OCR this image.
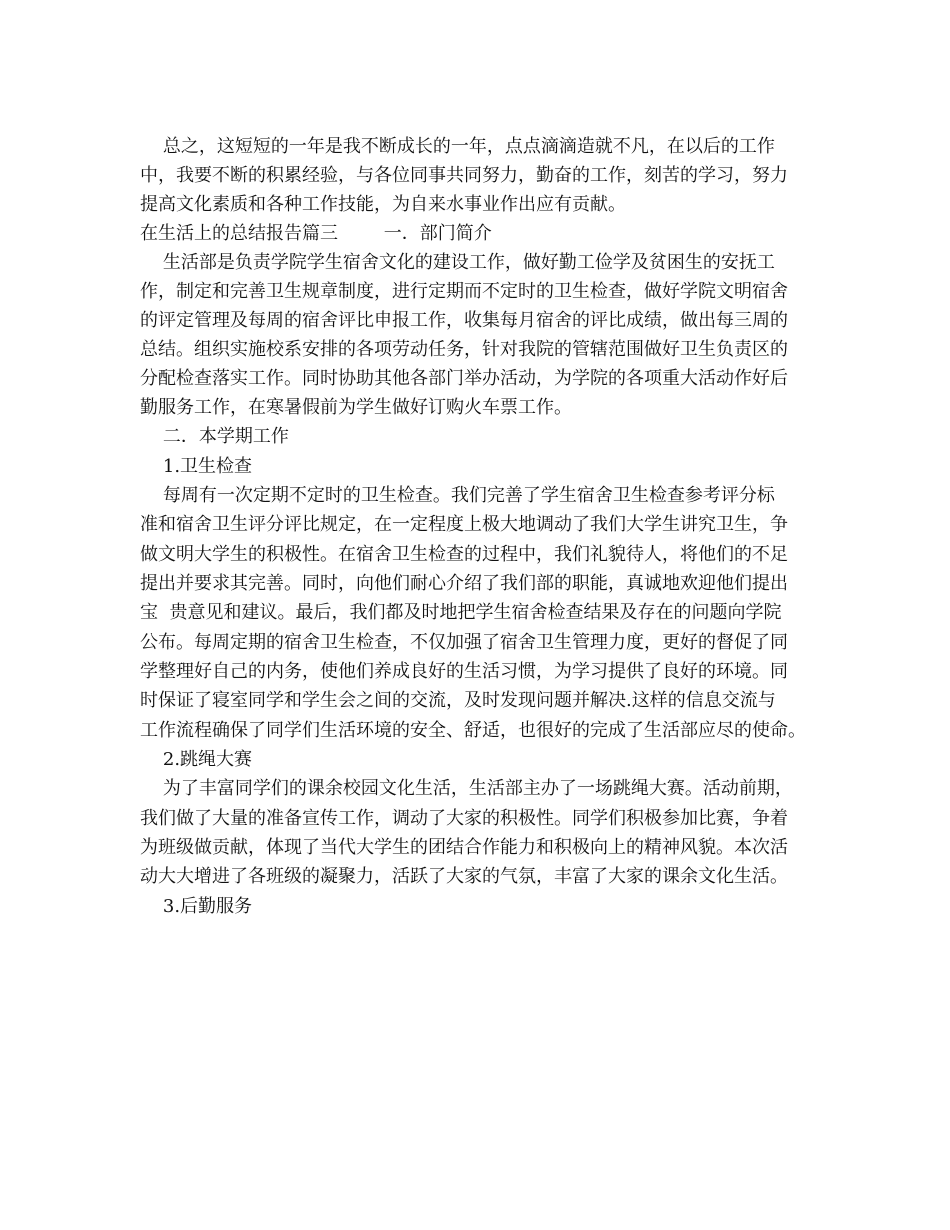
总之，这短短的一年是我不断成长的一年，点点滴滴造就不凡，在以后的工作
中，我要不断的积累经验，与各位同事共同努力，勤奋的工作，刻苦的学习，努力
提高文化素质和各种工作技能，为自来水事业作出应有贡献。
在生活上的总结报告篇三        一．部门简介
生活部是负责学院学生宿舍文化的建设工作，做好勤工俭学及贫困生的安抚工
作，制定和完善卫生规章制度，进行定期而不定时的卫生检查，做好学院文明宿舍
的评定管理及每周的宿舍评比申报工作，收集每月宿舍的评比成绩，做出每三周的
总结。组织实施校系安排的各项劳动任务，针对我院的管辖范围做好卫生负责区的
分配检查落实工作。同时协助其他各部门举办活动，为学院的各项重大活动作好后
勤服务工作，在寒暑假前为学生做好订购火车票工作。
二．本学期工作
1.卫生检查
每周有一次定期不定时的卫生检查。我们完善了学生宿舍卫生检查参考评分标
准和宿舍卫生评分评比规定，在一定程度上极大地调动了我们大学生讲究卫生，争
做文明大学生的积极性。在宿舍卫生检查的过程中，我们礼貌待人，将他们的不足
提出并要求其完善。同时，向他们耐心介绍了我们部的职能，真诚地欢迎他们提出
宝  贵意见和建议。最后，我们都及时地把学生宿舍检查结果及存在的问题向学院
公布。每周定期的宿舍卫生检查，不仅加强了宿舍卫生管理力度，更好的督促了同
学整理好自己的内务，使他们养成良好的生活习惯，为学习提供了良好的环境。同
时保证了寝室同学和学生会之间的交流，及时发现问题并解决.这样的信息交流与
工作流程确保了同学们生活环境的安全、舒适，也很好的完成了生活部应尽的使命。
2.跳绳大赛
为了丰富同学们的课余校园文化生活，生活部主办了一场跳绳大赛。活动前期，
我们做了大量的准备宣传工作，调动了大家的积极性。同学们积极参加比赛，争着
为班级做贡献，体现了当代大学生的团结合作能力和积极向上的精神风貌。本次活
动大大增进了各班级的凝聚力，活跃了大家的气氛，丰富了大家的课余文化生活。
3.后勤服务
